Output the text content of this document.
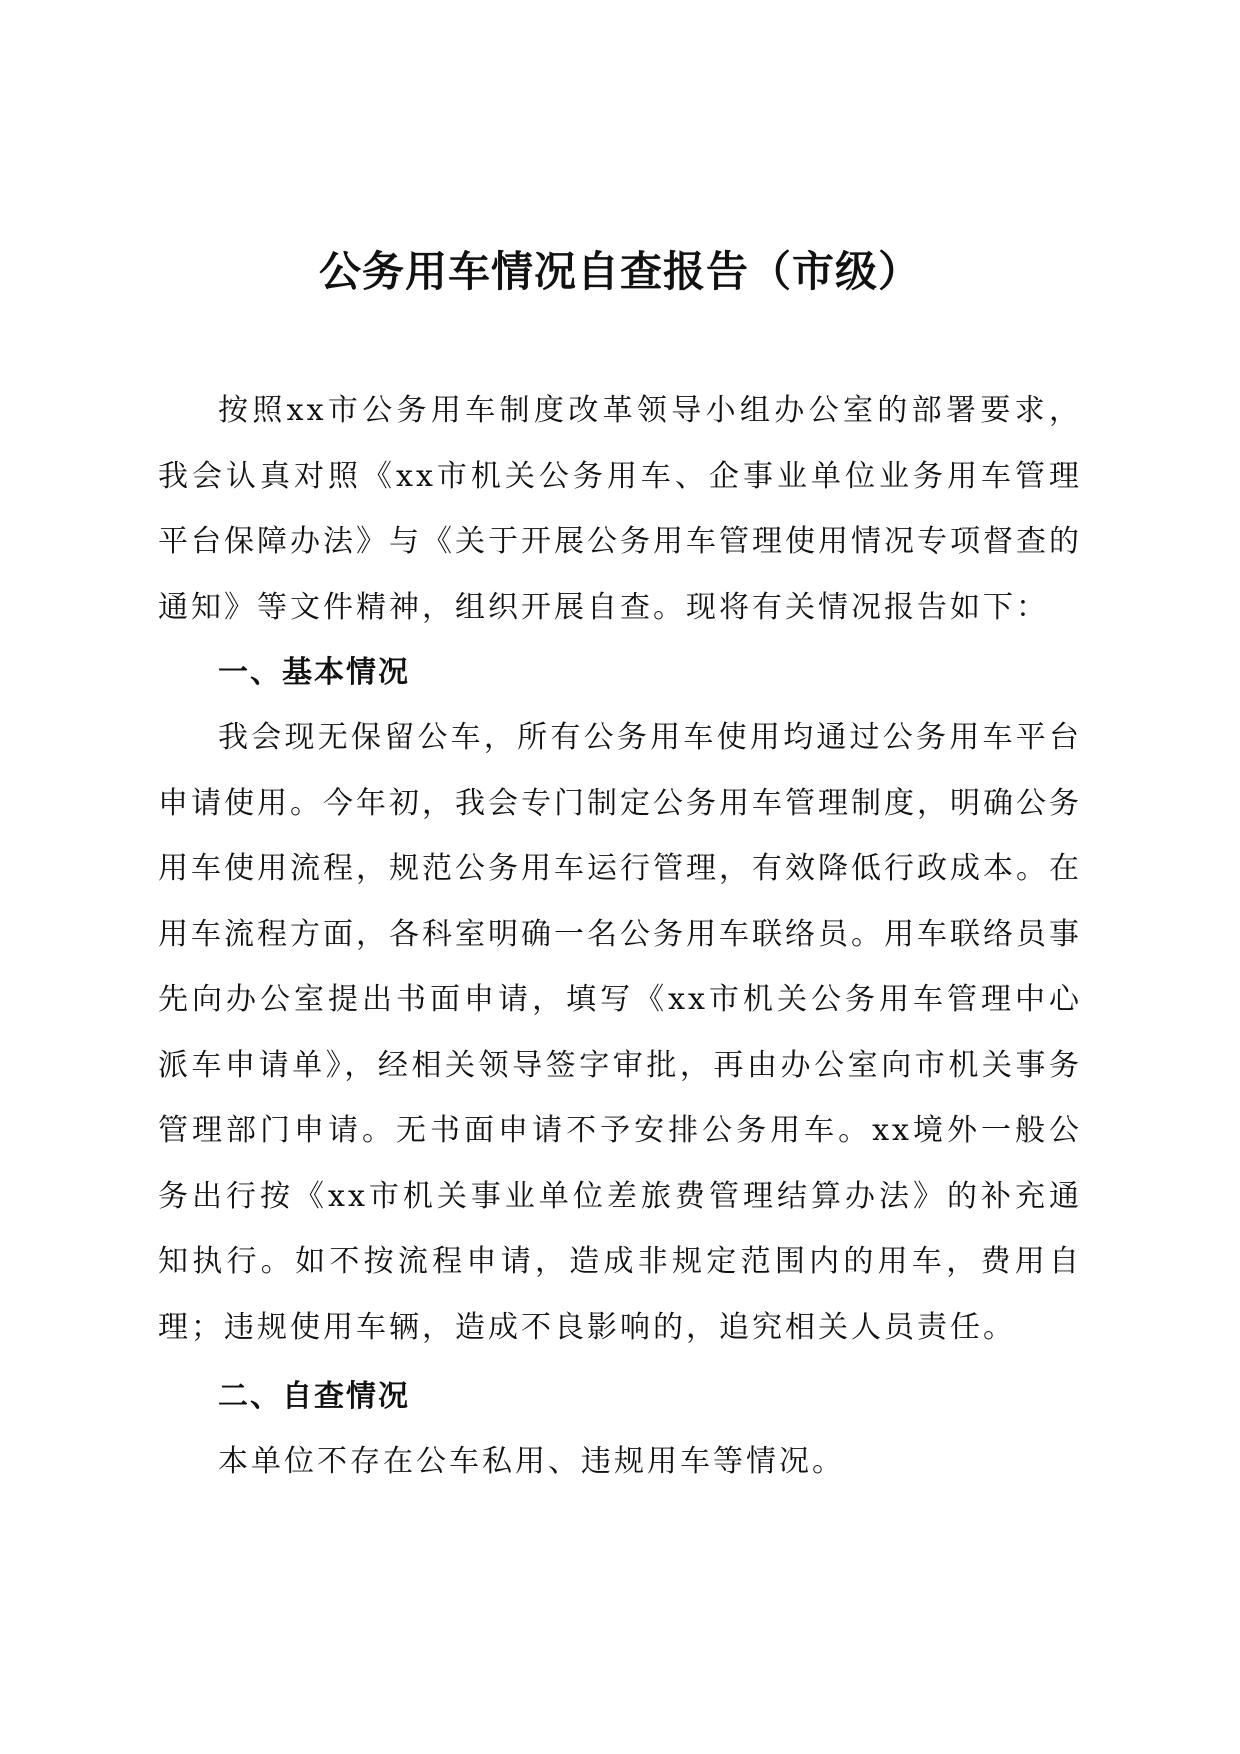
公务用车情况自查报告（市级）

按照xx市公务用车制度改革领导小组办公室的部署要求，我会认真对照《xx市机关公务用车、企事业单位业务用车管理平台保障办法》与《关于开展公务用车管理使用情况专项督查的通知》等文件精神，组织开展自查。现将有关情况报告如下：

一、基本情况

我会现无保留公车，所有公务用车使用均通过公务用车平台申请使用。今年初，我会专门制定公务用车管理制度，明确公务用车使用流程，规范公务用车运行管理，有效降低行政成本。在用车流程方面，各科室明确一名公务用车联络员。用车联络员事先向办公室提出书面申请，填写《xx市机关公务用车管理中心派车申请单》，经相关领导签字审批，再由办公室向市机关事务管理部门申请。无书面申请不予安排公务用车。xx境外一般公务出行按《xx市机关事业单位差旅费管理结算办法》的补充通知执行。如不按流程申请，造成非规定范围内的用车，费用自理；违规使用车辆，造成不良影响的，追究相关人员责任。

二、自查情况

本单位不存在公车私用、违规用车等情况。
